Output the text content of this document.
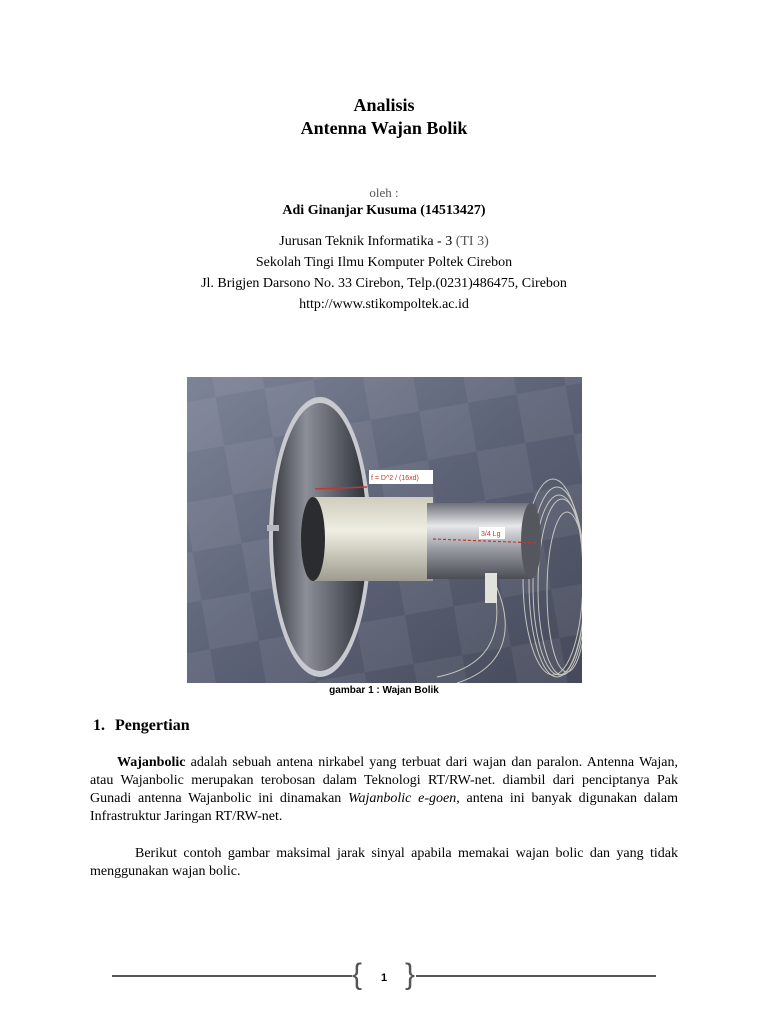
Analisis
Antenna Wajan Bolik
oleh :
Adi Ginanjar Kusuma (14513427)
Jurusan Teknik Informatika - 3 (TI 3)
Sekolah Tingi Ilmu Komputer Poltek Cirebon
Jl. Brigjen Darsono No. 33 Cirebon, Telp.(0231)486475, Cirebon
http://www.stikompoltek.ac.id
f = D^2 / (16xd)
3/4 Lg
gambar 1 : Wajan Bolik
1. Pengertian
Wajanbolic adalah sebuah antena nirkabel yang terbuat dari wajan dan paralon. Antenna Wajan, atau Wajanbolic merupakan terobosan dalam Teknologi RT/RW-net. diambil dari penciptanya Pak Gunadi antenna Wajanbolic ini dinamakan Wajanbolic e-goen, antena ini banyak digunakan dalam Infrastruktur Jaringan RT/RW-net.
Berikut contoh gambar maksimal jarak sinyal apabila memakai wajan bolic dan yang tidak menggunakan wajan bolic.
{ }
1
